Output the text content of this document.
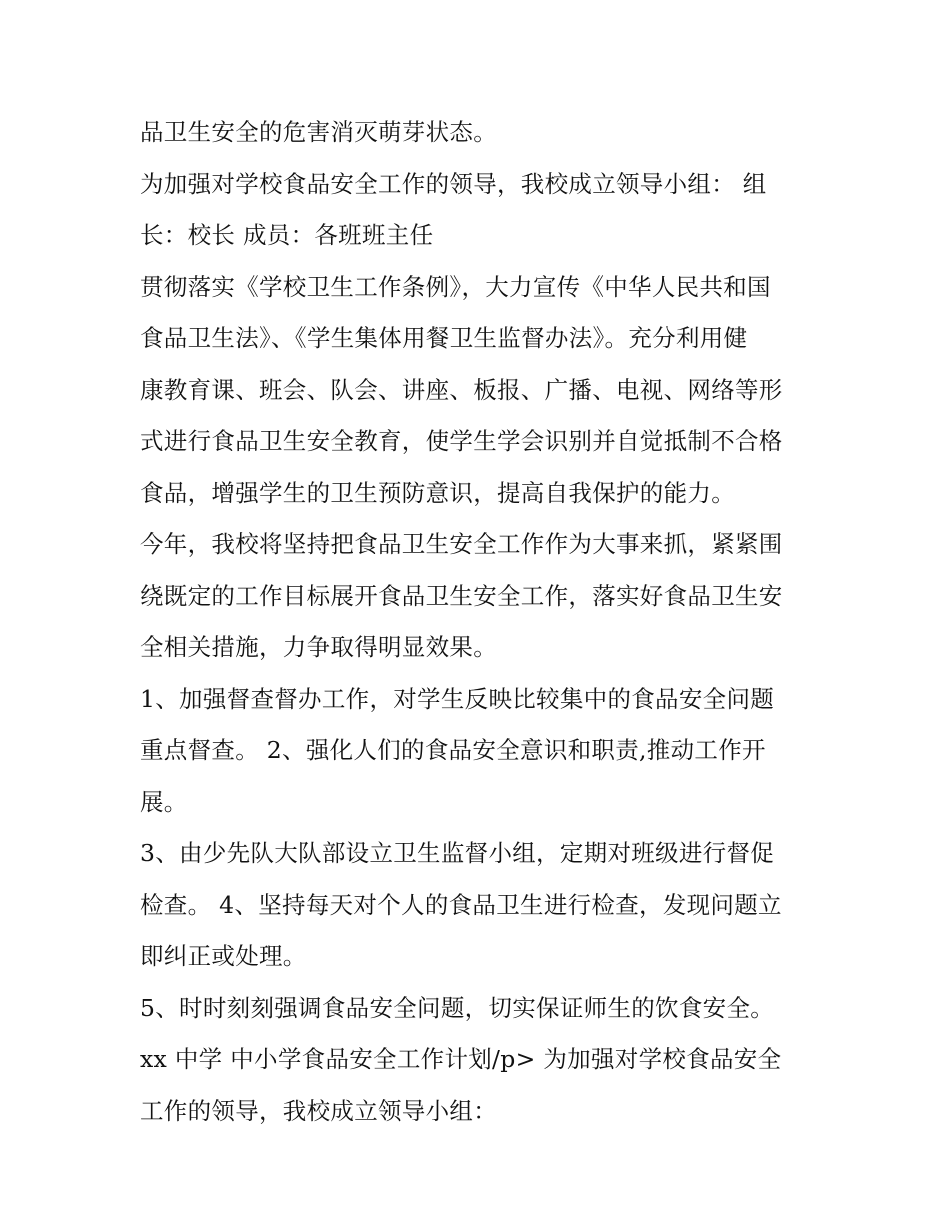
品卫生安全的危害消灭萌芽状态。

为加强对学校食品安全工作的领导，我校成立领导小组： 组
长：校长 成员：各班班主任

贯彻落实《学校卫生工作条例》，大力宣传《中华人民共和国
食品卫生法》、《学生集体用餐卫生监督办法》。充分利用健
康教育课、班会、队会、讲座、板报、广播、电视、网络等形
式进行食品卫生安全教育，使学生学会识别并自觉抵制不合格
食品，增强学生的卫生预防意识，提高自我保护的能力。

今年，我校将坚持把食品卫生安全工作作为大事来抓，紧紧围
绕既定的工作目标展开食品卫生安全工作，落实好食品卫生安
全相关措施，力争取得明显效果。

1、加强督查督办工作，对学生反映比较集中的食品安全问题
重点督查。 2、强化人们的食品安全意识和职责,推动工作开
展。

3、由少先队大队部设立卫生监督小组，定期对班级进行督促
检查。 4、坚持每天对个人的食品卫生进行检查，发现问题立
即纠正或处理。

5、时时刻刻强调食品安全问题，切实保证师生的饮食安全。

xx 中学 中小学食品安全工作计划/p> 为加强对学校食品安全
工作的领导，我校成立领导小组：
